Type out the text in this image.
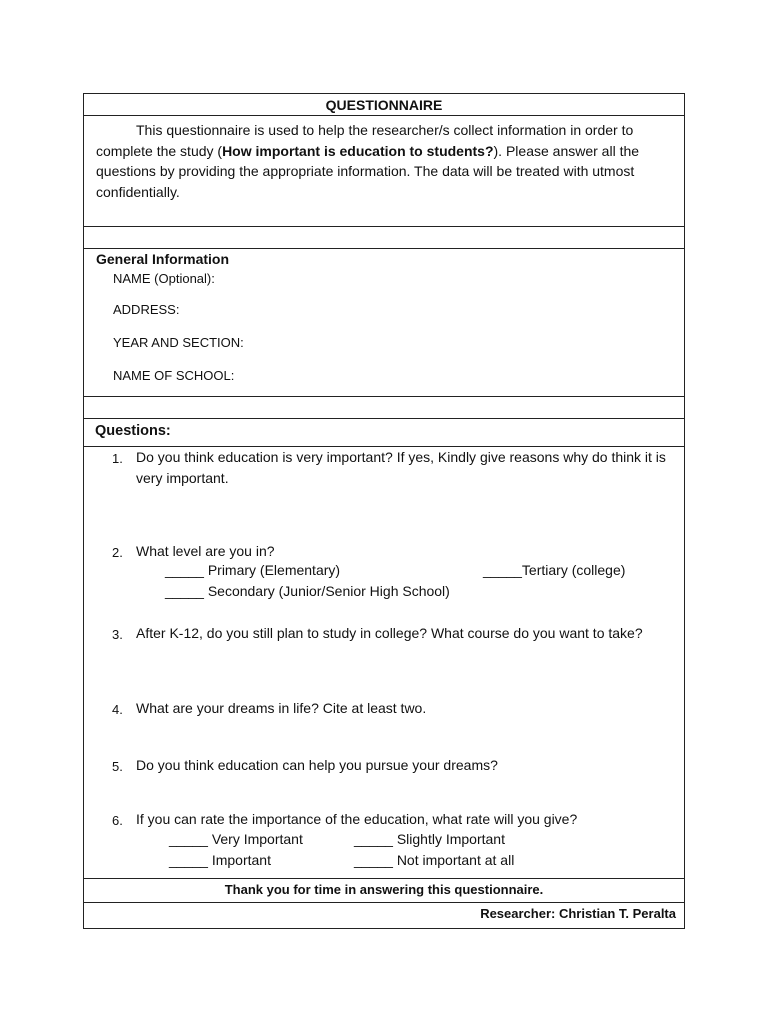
QUESTIONNAIRE
This questionnaire is used to help the researcher/s collect information in order to complete the study (How important is education to students?). Please answer all the questions by providing the appropriate information. The data will be treated with utmost confidentially.
General Information
NAME (Optional):
ADDRESS:
YEAR AND SECTION:
NAME OF SCHOOL:
Questions:
1. Do you think education is very important? If yes, Kindly give reasons why do think it is very important.
2. What level are you in?
_____ Primary (Elementary)	_____Tertiary (college)
_____ Secondary (Junior/Senior High School)
3. After K-12, do you still plan to study in college? What course do you want to take?
4. What are your dreams in life? Cite at least two.
5. Do you think education can help you pursue your dreams?
6. If you can rate the importance of the education, what rate will you give?
_____ Very Important	_____ Slightly Important
_____ Important	_____ Not important at all
Thank you for time in answering this questionnaire.
Researcher: Christian T. Peralta
